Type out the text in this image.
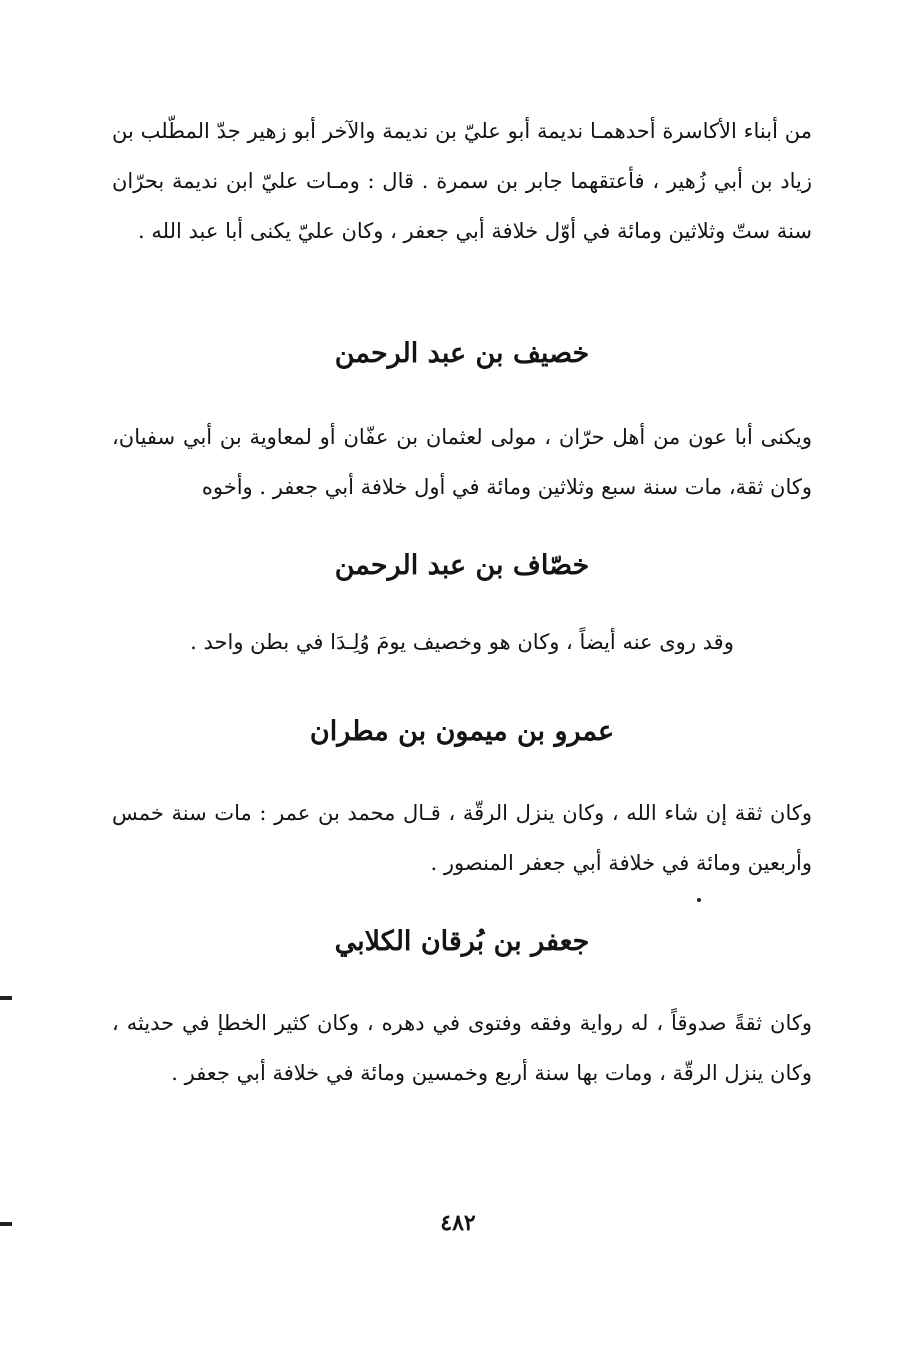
من أبناء الأكاسرة أحدهمـا نديمة أبو عليّ بن نديمة والآخر أبو زهير جدّ المطّلب بن زياد بن أبي زُهير ، فأعتقهما جابر بن سمرة . قال : ومـات عليّ ابن نديمة بحرّان سنة ستّ وثلاثين ومائة في أوّل خلافة أبي جعفر ، وكان عليّ يكنى أبا عبد الله .

خصيف بن عبد الرحمن

ويكنى أبا عون من أهل حرّان ، مولى لعثمان بن عفّان أو لمعاوية بن أبي سفيان، وكان ثقة، مات سنة سبع وثلاثين ومائة في أول خلافة أبي جعفر . وأخوه

خصّاف بن عبد الرحمن

وقد روى عنه أيضاً ، وكان هو وخصيف يومَ وُلِـدَا في بطن واحد .

عمرو بن ميمون بن مطران

وكان ثقة إن شاء الله ، وكان ينزل الرقّة ، قـال محمد بن عمر : مات سنة خمس وأربعين ومائة في خلافة أبي جعفر المنصور .

جعفر بن بُرقان الكلابي

وكان ثقةً صدوقاً ، له رواية وفقه وفتوى في دهره ، وكان كثير الخطإ في حديثه ، وكان ينزل الرقّة ، ومات بها سنة أربع وخمسين ومائة في خلافة أبي جعفر .

٤٨٢
